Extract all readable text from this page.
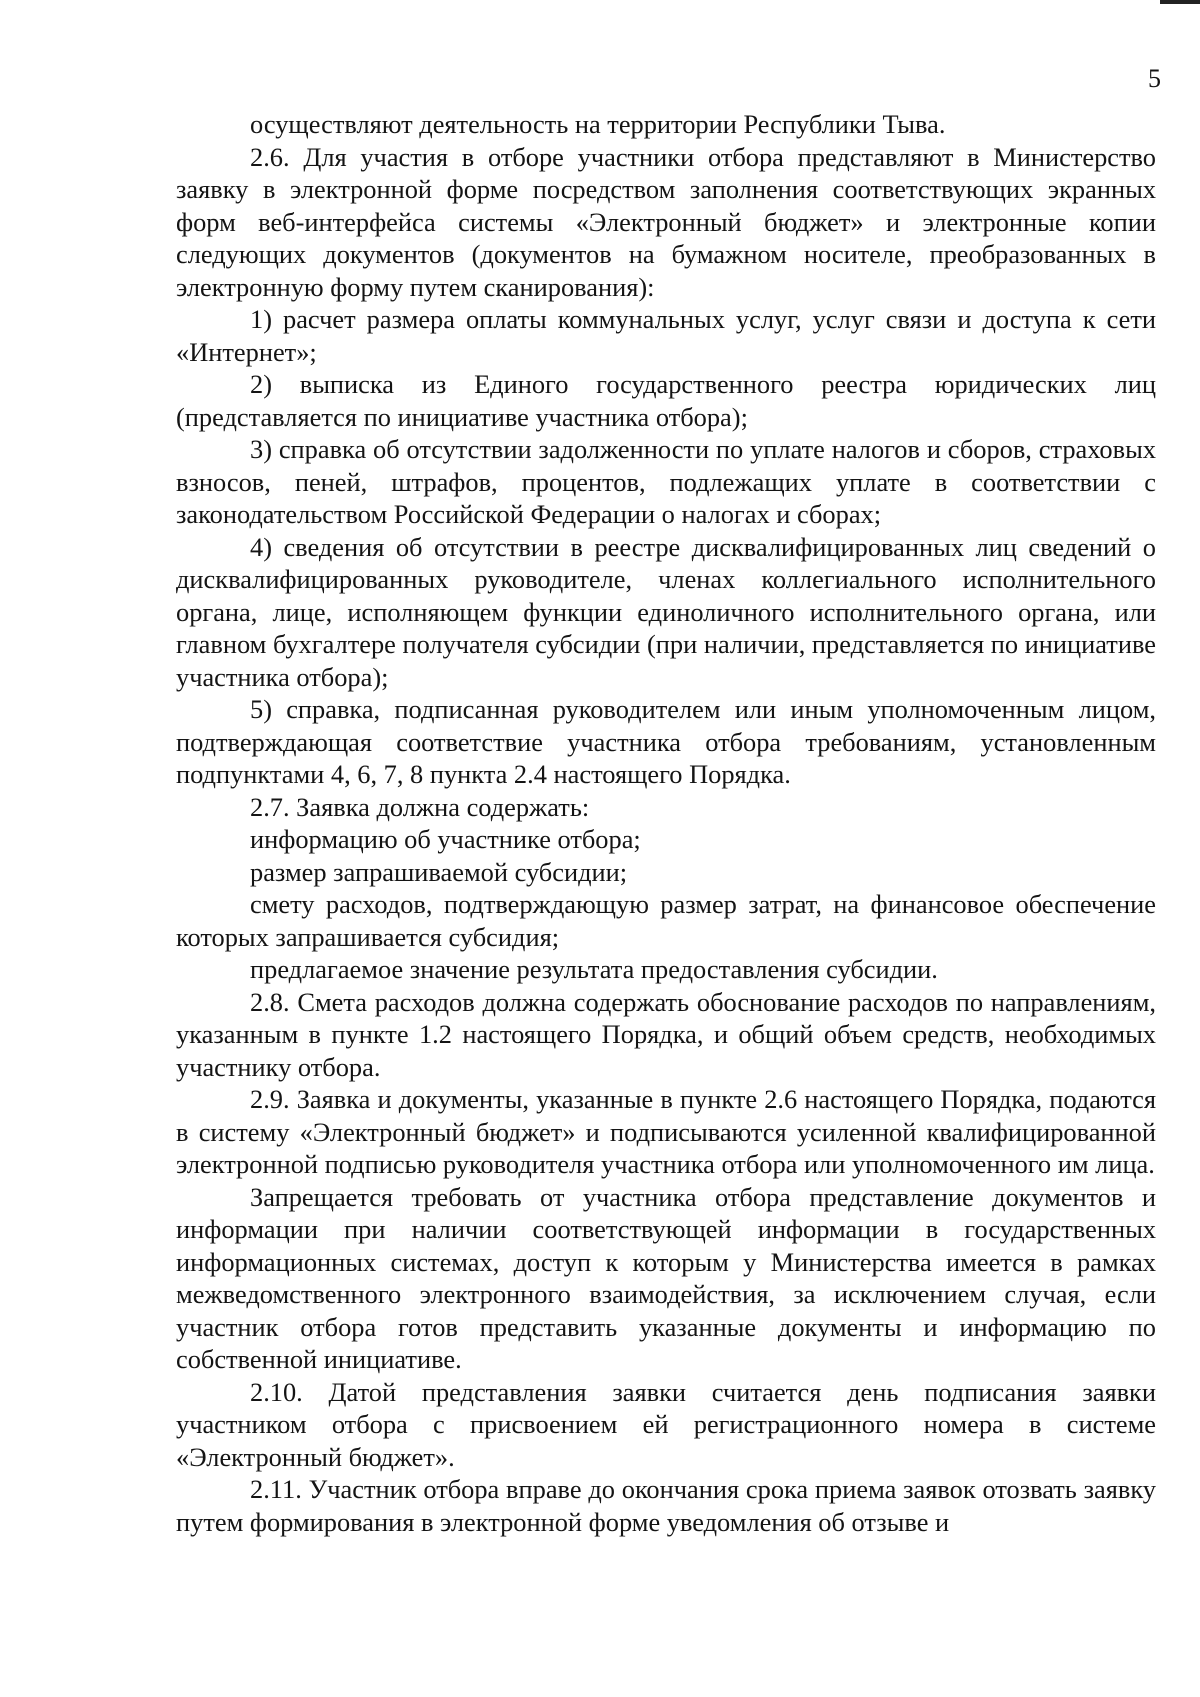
5

осуществляют деятельность на территории Республики Тыва.

2.6. Для участия в отборе участники отбора представляют в Министерство заявку в электронной форме посредством заполнения соответствующих экранных форм веб-интерфейса системы «Электронный бюджет» и электронные копии следующих документов (документов на бумажном носителе, преобразованных в электронную форму путем сканирования):

1) расчет размера оплаты коммунальных услуг, услуг связи и доступа к сети «Интернет»;

2) выписка из Единого государственного реестра юридических лиц (представляется по инициативе участника отбора);

3) справка об отсутствии задолженности по уплате налогов и сборов, страховых взносов, пеней, штрафов, процентов, подлежащих уплате в соответствии с законодательством Российской Федерации о налогах и сборах;

4) сведения об отсутствии в реестре дисквалифицированных лиц сведений о дисквалифицированных руководителе, членах коллегиального исполнительного органа, лице, исполняющем функции единоличного исполнительного органа, или главном бухгалтере получателя субсидии (при наличии, представляется по инициативе участника отбора);

5) справка, подписанная руководителем или иным уполномоченным лицом, подтверждающая соответствие участника отбора требованиям, установленным подпунктами 4, 6, 7, 8 пункта 2.4 настоящего Порядка.

2.7. Заявка должна содержать:

информацию об участнике отбора;

размер запрашиваемой субсидии;

смету расходов, подтверждающую размер затрат, на финансовое обеспечение которых запрашивается субсидия;

предлагаемое значение результата предоставления субсидии.

2.8. Смета расходов должна содержать обоснование расходов по направлениям, указанным в пункте 1.2 настоящего Порядка, и общий объем средств, необходимых участнику отбора.

2.9. Заявка и документы, указанные в пункте 2.6 настоящего Порядка, подаются в систему «Электронный бюджет» и подписываются усиленной квалифицированной электронной подписью руководителя участника отбора или уполномоченного им лица.

Запрещается требовать от участника отбора представление документов и информации при наличии соответствующей информации в государственных информационных системах, доступ к которым у Министерства имеется в рамках межведомственного электронного взаимодействия, за исключением случая, если участник отбора готов представить указанные документы и информацию по собственной инициативе.

2.10. Датой представления заявки считается день подписания заявки участником отбора с присвоением ей регистрационного номера в системе «Электронный бюджет».

2.11. Участник отбора вправе до окончания срока приема заявок отозвать заявку путем формирования в электронной форме уведомления об отзыве и
